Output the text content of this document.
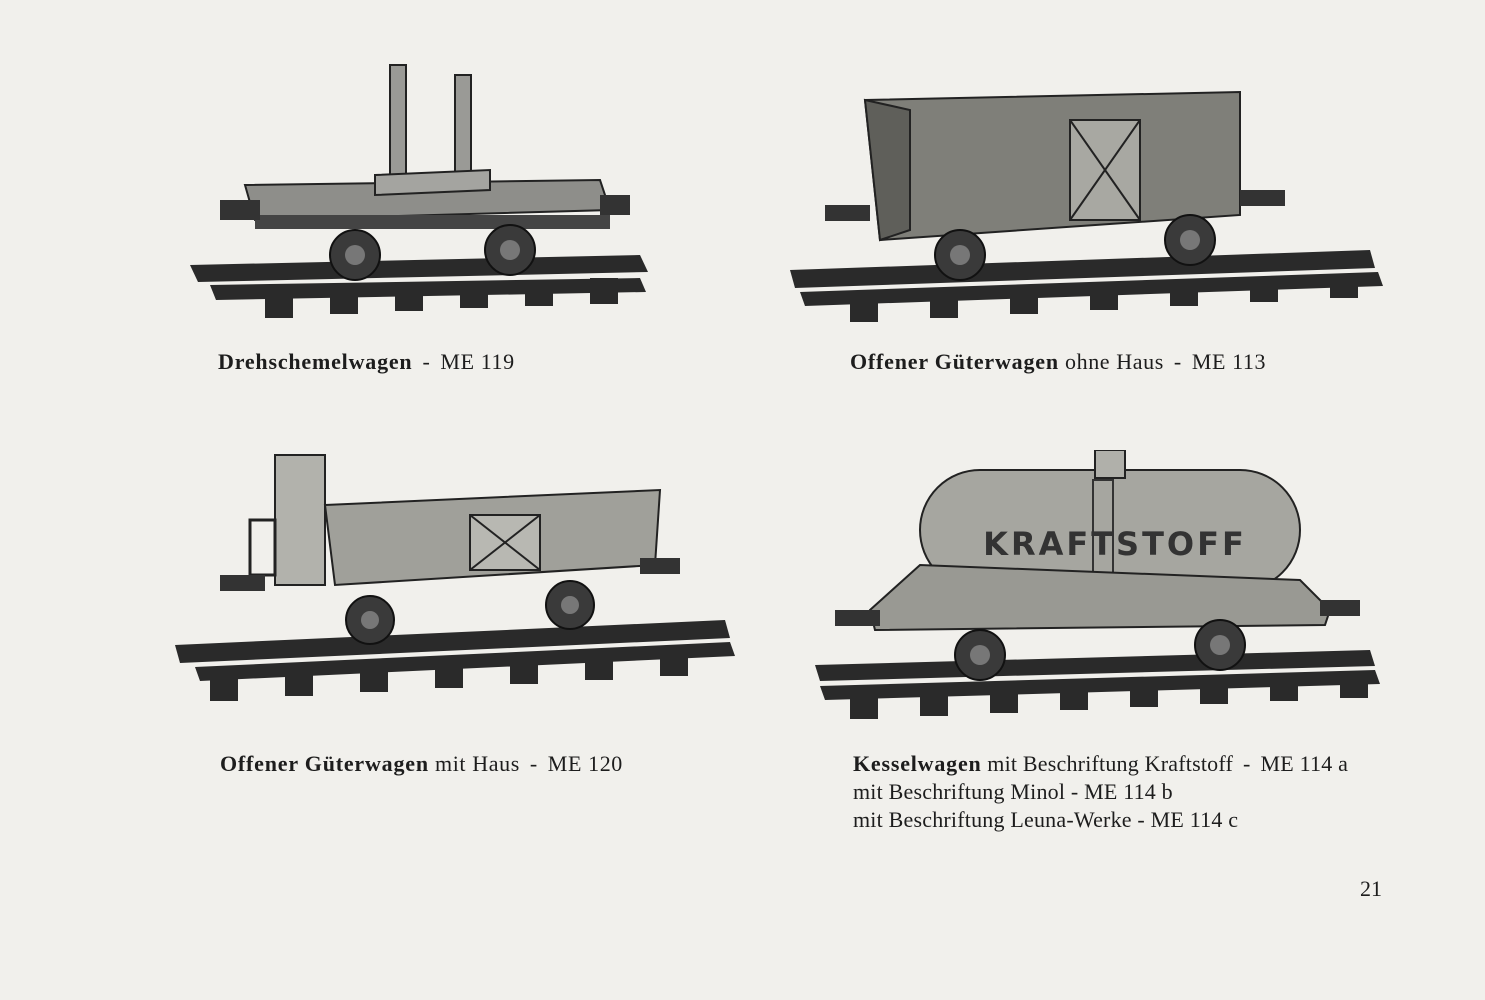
KRAFTSTOFF
Drehschemelwagen - ME 119	Offener Güterwagen ohne Haus - ME 113
Offener Güterwagen mit Haus - ME 120	Kesselwagen mit Beschriftung Kraftstoff - ME 114 a
mit Beschriftung Minol - ME 114 b
mit Beschriftung Leuna-Werke - ME 114 c
21
